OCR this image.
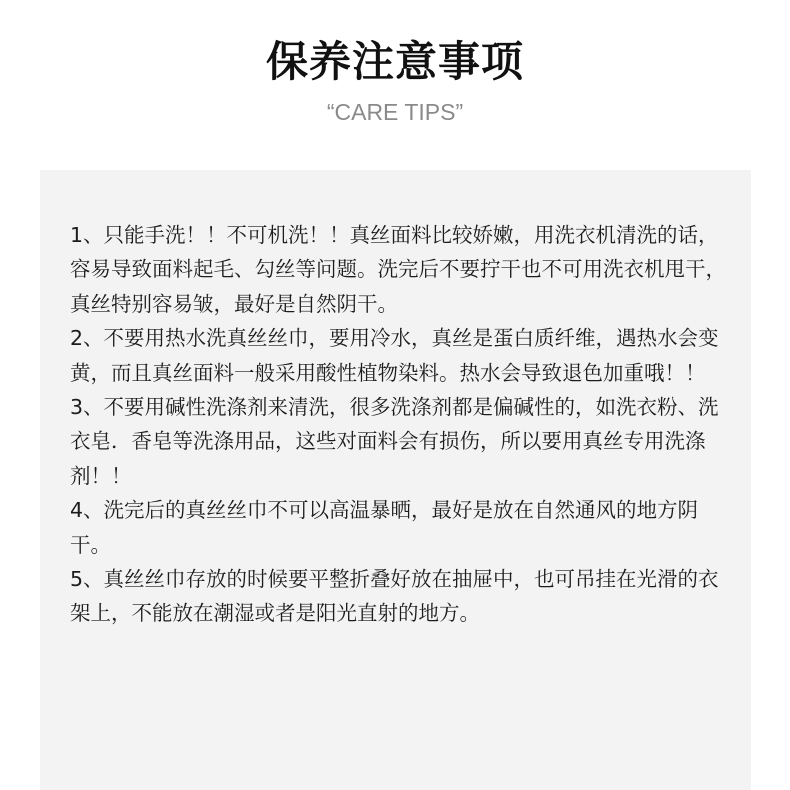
保养注意事项
“CARE TIPS”

1、只能手洗！！不可机洗！！真丝面料比较娇嫩，用洗衣机清洗的话，容易导致面料起毛、勾丝等问题。洗完后不要拧干也不可用洗衣机甩干，真丝特别容易皱，最好是自然阴干。

2、不要用热水洗真丝丝巾，要用冷水，真丝是蛋白质纤维，遇热水会变黄，而且真丝面料一般采用酸性植物染料。热水会导致退色加重哦！！

3、不要用碱性洗涤剂来清洗，很多洗涤剂都是偏碱性的，如洗衣粉、洗衣皂．香皂等洗涤用品，这些对面料会有损伤，所以要用真丝专用洗涤剂！！

4、洗完后的真丝丝巾不可以高温暴晒，最好是放在自然通风的地方阴干。

5、真丝丝巾存放的时候要平整折叠好放在抽屉中，也可吊挂在光滑的衣架上，不能放在潮湿或者是阳光直射的地方。
